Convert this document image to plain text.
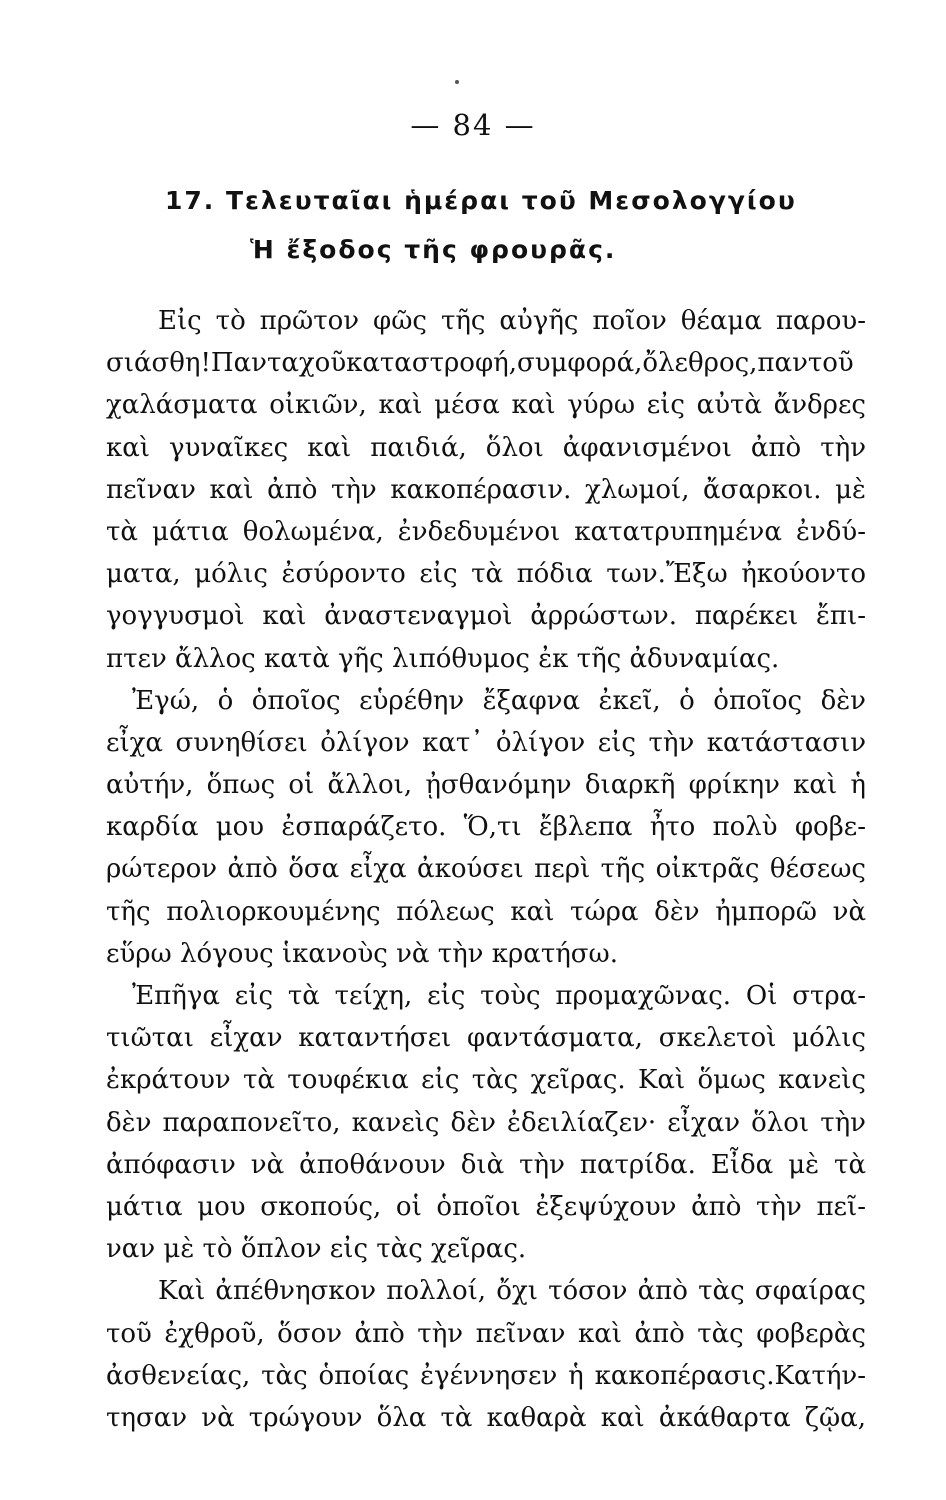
— 84 —
17. Τελευταῖαι ἡμέραι τοῦ Μεσολογγίου
Ἡ ἔξοδος τῆς φρουρᾶς.
Εἰς τὸ πρῶτον φῶς τῆς αὐγῆς ποῖον θέαμα παρου-
σιάσθη!Πανταχοῦκαταστροφή,συμφορά,ὄλεθρος,παντοῦ
χαλάσματα οἰκιῶν, καὶ μέσα καὶ γύρω εἰς αὐτὰ ἄνδρες
καὶ γυναῖκες καὶ παιδιά, ὅλοι ἀφανισμένοι ἀπὸ τὴν
πεῖναν καὶ ἀπὸ τὴν κακοπέρασιν. χλωμοί, ἄσαρκοι. μὲ
τὰ μάτια θολωμένα, ἐνδεδυμένοι κατατρυπημένα ἐνδύ-
ματα, μόλις ἐσύροντο εἰς τὰ πόδια των.Ἔξω ἠκούοντο
γογγυσμοὶ καὶ ἀναστεναγμοὶ ἀρρώστων. παρέκει ἔπι-
πτεν ἄλλος κατὰ γῆς λιπόθυμος ἐκ τῆς ἀδυναμίας.
Ἐγώ, ὁ ὁποῖος εὑρέθην ἔξαφνα ἐκεῖ, ὁ ὁποῖος δὲν
εἶχα συνηθίσει ὀλίγον κατ᾽ ὀλίγον εἰς τὴν κατάστασιν
αὐτήν, ὅπως οἱ ἄλλοι, ᾐσθανόμην διαρκῆ φρίκην καὶ ἡ
καρδία μου ἐσπαράζετο. Ὅ,τι ἔβλεπα ἦτο πολὺ φοβε-
ρώτερον ἀπὸ ὅσα εἶχα ἀκούσει περὶ τῆς οἰκτρᾶς θέσεως
τῆς πολιορκουμένης πόλεως καὶ τώρα δὲν ἠμπορῶ νὰ
εὕρω λόγους ἱκανοὺς νὰ τὴν κρατήσω.
Ἐπῆγα εἰς τὰ τείχη, εἰς τοὺς προμαχῶνας. Οἱ στρα-
τιῶται εἶχαν καταντήσει φαντάσματα, σκελετοὶ μόλις
ἐκράτουν τὰ τουφέκια εἰς τὰς χεῖρας. Καὶ ὅμως κανεὶς
δὲν παραπονεῖτο, κανεὶς δὲν ἐδειλίαζεν· εἶχαν ὅλοι τὴν
ἀπόφασιν νὰ ἀποθάνουν διὰ τὴν πατρίδα. Εἶδα μὲ τὰ
μάτια μου σκοπούς, οἱ ὁποῖοι ἐξεψύχουν ἀπὸ τὴν πεῖ-
ναν μὲ τὸ ὅπλον εἰς τὰς χεῖρας.
Καὶ ἀπέθνησκον πολλοί, ὄχι τόσον ἀπὸ τὰς σφαίρας
τοῦ ἐχθροῦ, ὅσον ἀπὸ τὴν πεῖναν καὶ ἀπὸ τὰς φοβερὰς
ἀσθενείας, τὰς ὁποίας ἐγέννησεν ἡ κακοπέρασις.Κατήν-
τησαν νὰ τρώγουν ὅλα τὰ καθαρὰ καὶ ἀκάθαρτα ζῷα,
